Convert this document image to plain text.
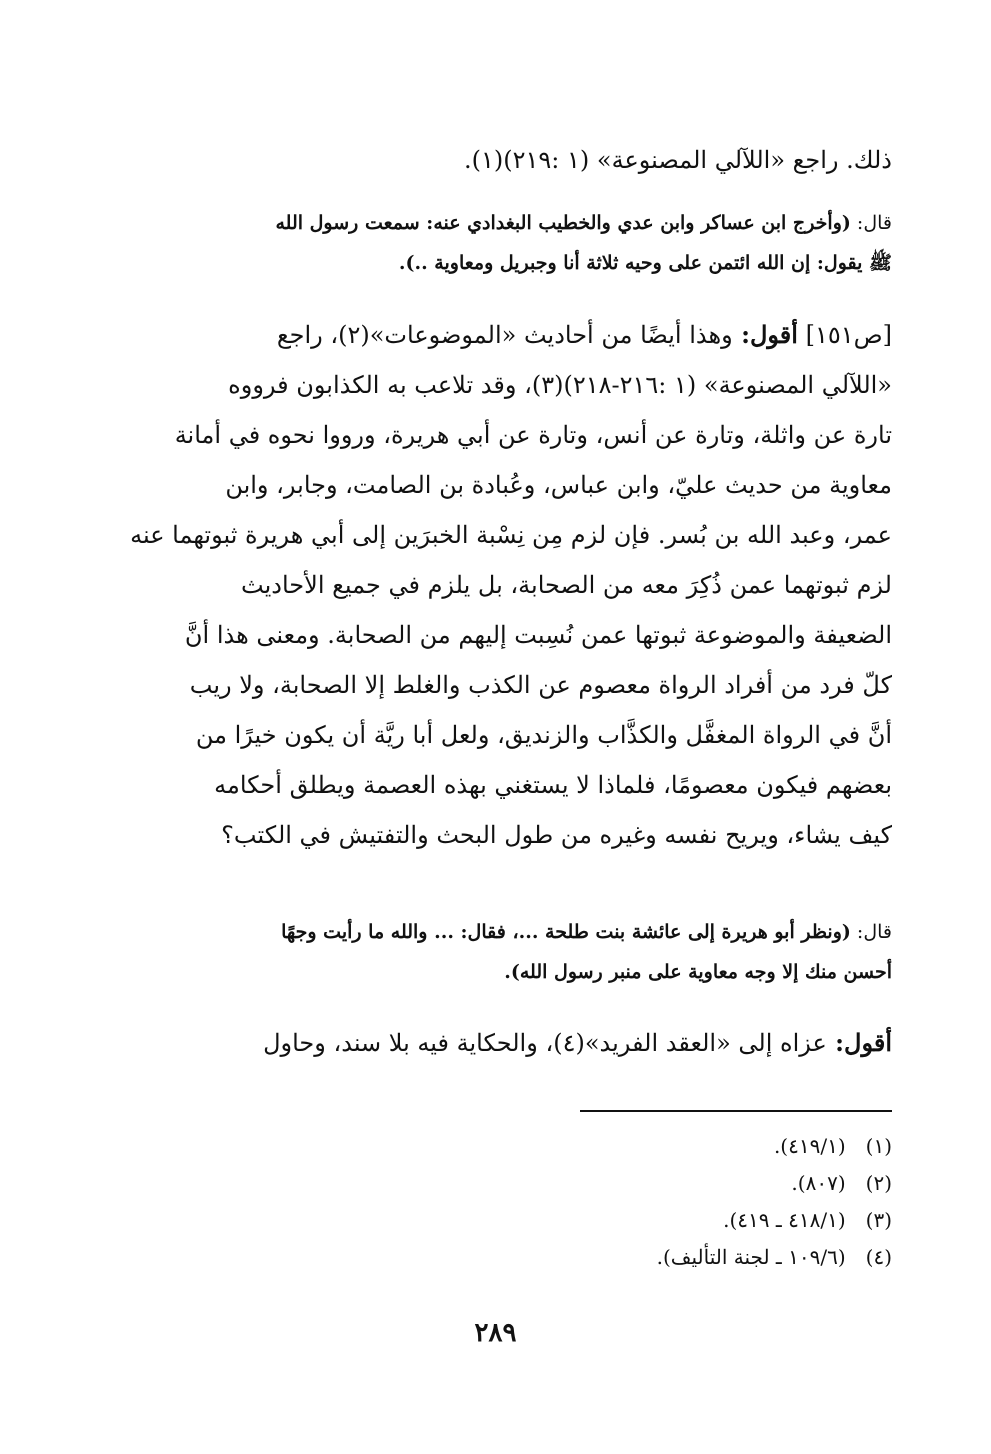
ذلك. راجع «اللآلي المصنوعة» (١ :٢١٩)(١).
قال: (وأخرج ابن عساكر وابن عدي والخطيب البغدادي عنه: سمعت رسول الله
ﷺ يقول: إن الله ائتمن على وحيه ثلاثة أنا وجبريل ومعاوية ..).
[ص١٥١] أقول: وهذا أيضًا من أحاديث «الموضوعات»(٢)، راجع
«اللآلي المصنوعة» (١ :٢١٦-٢١٨)(٣)، وقد تلاعب به الكذابون فرووه
تارة عن واثلة، وتارة عن أنس، وتارة عن أبي هريرة، ورووا نحوه في أمانة
معاوية من حديث عليّ، وابن عباس، وعُبادة بن الصامت، وجابر، وابن
عمر، وعبد الله بن بُسر. فإن لزم مِن نِسْبة الخبرَين إلى أبي هريرة ثبوتهما عنه
لزم ثبوتهما عمن ذُكِرَ معه من الصحابة، بل يلزم في جميع الأحاديث
الضعيفة والموضوعة ثبوتها عمن نُسِبت إليهم من الصحابة. ومعنى هذا أنَّ
كلّ فرد من أفراد الرواة معصوم عن الكذب والغلط إلا الصحابة، ولا ريب
أنَّ في الرواة المغفَّل والكذَّاب والزنديق، ولعل أبا ريَّة أن يكون خيرًا من
بعضهم فيكون معصومًا، فلماذا لا يستغني بهذه العصمة ويطلق أحكامه
كيف يشاء، ويريح نفسه وغيره من طول البحث والتفتيش في الكتب؟
قال: (ونظر أبو هريرة إلى عائشة بنت طلحة ...، فقال: ... والله ما رأيت وجهًا
أحسن منك إلا وجه معاوية على منبر رسول الله).
أقول: عزاه إلى «العقد الفريد»(٤)، والحكاية فيه بلا سند، وحاول
(١) (٤١٩/١).
(٢) (٨٠٧).
(٣) (٤١٨/١ ـ ٤١٩).
(٤) (١٠٩/٦ ـ لجنة التأليف).
٢٨٩
